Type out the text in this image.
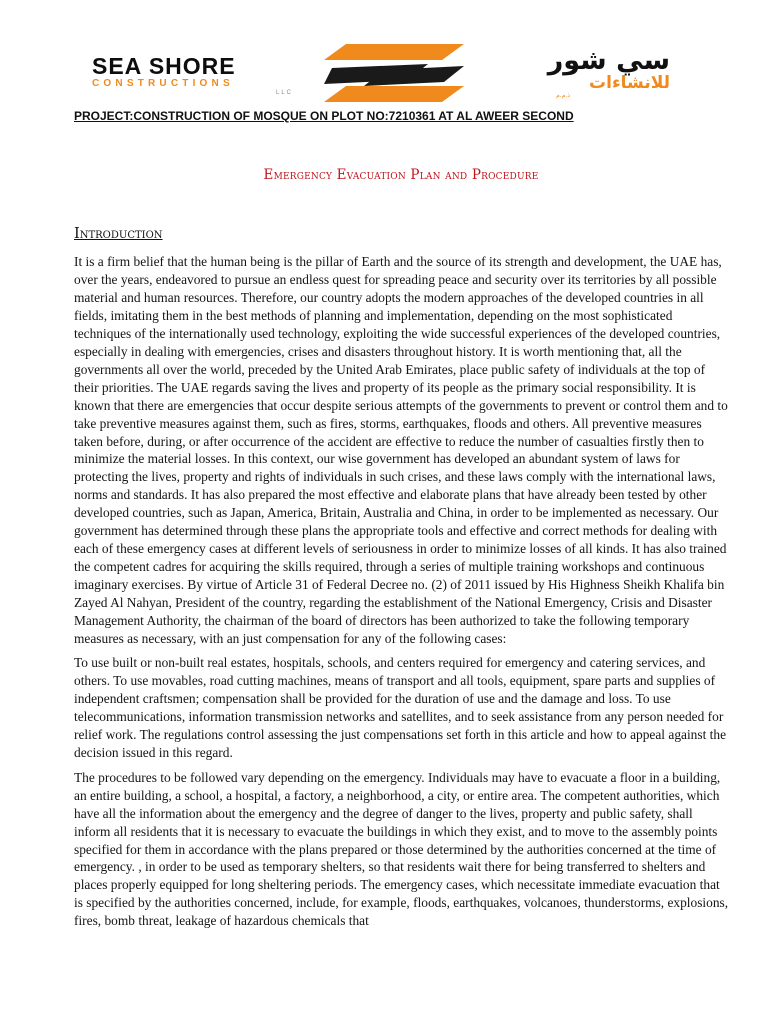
SEA SHORE
CONSTRUCTIONS
LLC
سي شور
للانشاءات
ذ.م.م
PROJECT:CONSTRUCTION OF MOSQUE ON PLOT NO:7210361 AT AL AWEER SECOND
Emergency Evacuation Plan and Procedure
Introduction

It is a firm belief that the human being is the pillar of Earth and the source of its strength and development, the UAE has, over the years, endeavored to pursue an endless quest for spreading peace and security over its territories by all possible material and human resources. Therefore, our country adopts the modern approaches of the developed countries in all fields, imitating them in the best methods of planning and implementation, depending on the most sophisticated techniques of the internationally used technology, exploiting the wide successful experiences of the developed countries, especially in dealing with emergencies, crises and disasters throughout history. It is worth mentioning that, all the governments all over the world, preceded by the United Arab Emirates, place public safety of individuals at the top of their priorities. The UAE regards saving the lives and property of its people as the primary social responsibility. It is known that there are emergencies that occur despite serious attempts of the governments to prevent or control them and to take preventive measures against them, such as fires, storms, earthquakes, floods and others. All preventive measures taken before, during, or after occurrence of the accident are effective to reduce the number of casualties firstly then to minimize the material losses. In this context, our wise government has developed an abundant system of laws for protecting the lives, property and rights of individuals in such crises, and these laws comply with the international laws, norms and standards. It has also prepared the most effective and elaborate plans that have already been tested by other developed countries, such as Japan, America, Britain, Australia and China, in order to be implemented as necessary. Our government has determined through these plans the appropriate tools and effective and correct methods for dealing with each of these emergency cases at different levels of seriousness in order to minimize losses of all kinds. It has also trained the competent cadres for acquiring the skills required, through a series of multiple training workshops and continuous imaginary exercises. By virtue of Article 31 of Federal Decree no. (2) of 2011 issued by His Highness Sheikh Khalifa bin Zayed Al Nahyan, President of the country, regarding the establishment of the National Emergency, Crisis and Disaster Management Authority, the chairman of the board of directors has been authorized to take the following temporary measures as necessary, with an just compensation for any of the following cases:

To use built or non-built real estates, hospitals, schools, and centers required for emergency and catering services, and others. To use movables, road cutting machines, means of transport and all tools, equipment, spare parts and supplies of independent craftsmen; compensation shall be provided for the duration of use and the damage and loss. To use telecommunications, information transmission networks and satellites, and to seek assistance from any person needed for relief work. The regulations control assessing the just compensations set forth in this article and how to appeal against the decision issued in this regard.

The procedures to be followed vary depending on the emergency. Individuals may have to evacuate a floor in a building, an entire building, a school, a hospital, a factory, a neighborhood, a city, or entire area. The competent authorities, which have all the information about the emergency and the degree of danger to the lives, property and public safety, shall inform all residents that it is necessary to evacuate the buildings in which they exist, and to move to the assembly points specified for them in accordance with the plans prepared or those determined by the authorities concerned at the time of emergency. , in order to be used as temporary shelters, so that residents wait there for being transferred to shelters and places properly equipped for long sheltering periods. The emergency cases, which necessitate immediate evacuation that is specified by the authorities concerned, include, for example, floods, earthquakes, volcanoes, thunderstorms, explosions, fires, bomb threat, leakage of hazardous chemicals that
